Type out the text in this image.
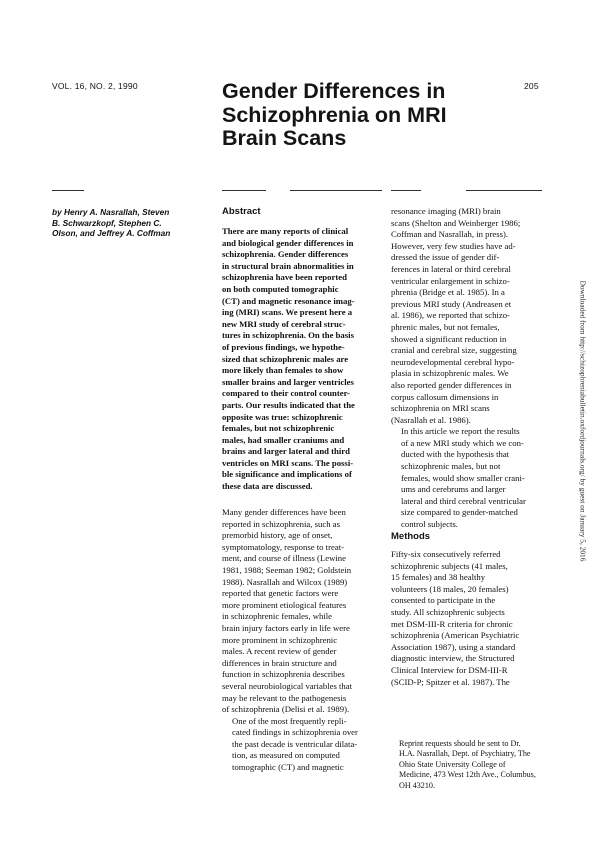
VOL. 16, NO. 2, 1990	205
Gender Differences in
Schizophrenia on MRI
Brain Scans
by Henry A. Nasrallah, Steven
B. Schwarzkopf, Stephen C.
Olson, and Jeffrey A. Coffman
Abstract

There are many reports of clinical
and biological gender differences in
schizophrenia. Gender differences
in structural brain abnormalities in
schizophrenia have been reported
on both computed tomographic
(CT) and magnetic resonance imag-
ing (MRI) scans. We present here a
new MRI study of cerebral struc-
tures in schizophrenia. On the basis
of previous findings, we hypothe-
sized that schizophrenic males are
more likely than females to show
smaller brains and larger ventricles
compared to their control counter-
parts. Our results indicated that the
opposite was true: schizophrenic
females, but not schizophrenic
males, had smaller craniums and
brains and larger lateral and third
ventricles on MRI scans. The possi-
ble significance and implications of
these data are discussed.

Many gender differences have been
reported in schizophrenia, such as
premorbid history, age of onset,
symptomatology, response to treat-
ment, and course of illness (Lewine
1981, 1988; Seeman 1982; Goldstein
1988). Nasrallah and Wilcox (1989)
reported that genetic factors were
more prominent etiological features
in schizophrenic females, while
brain injury factors early in life were
more prominent in schizophrenic
males. A recent review of gender
differences in brain structure and
function in schizophrenia describes
several neurobiological variables that
may be relevant to the pathogenesis
of schizophrenia (Delisi et al. 1989).

One of the most frequently repli-
cated findings in schizophrenia over
the past decade is ventricular dilata-
tion, as measured on computed
tomographic (CT) and magnetic

resonance imaging (MRI) brain
scans (Shelton and Weinberger 1986;
Coffman and Nasrallah, in press).
However, very few studies have ad-
dressed the issue of gender dif-
ferences in lateral or third cerebral
ventricular enlargement in schizo-
phrenia (Bridge et al. 1985). In a
previous MRI study (Andreasen et
al. 1986), we reported that schizo-
phrenic males, but not females,
showed a significant reduction in
cranial and cerebral size, suggesting
neurodevelopmental cerebral hypo-
plasia in schizophrenic males. We
also reported gender differences in
corpus callosum dimensions in
schizophrenia on MRI scans
(Nasrallah et al. 1986).

In this article we report the results
of a new MRI study which we con-
ducted with the hypothesis that
schizophrenic males, but not
females, would show smaller crani-
ums and cerebrums and larger
lateral and third cerebral ventricular
size compared to gender-matched
control subjects.

Methods

Fifty-six consecutively referred
schizophrenic subjects (41 males,
15 females) and 38 healthy
volunteers (18 males, 20 females)
consented to participate in the
study. All schizophrenic subjects
met DSM-III-R criteria for chronic
schizophrenia (American Psychiatric
Association 1987), using a standard
diagnostic interview, the Structured
Clinical Interview for DSM-III-R
(SCID-P; Spitzer et al. 1987). The

Reprint requests should be sent to Dr.
H.A. Nasrallah, Dept. of Psychiatry, The
Ohio State University College of
Medicine, 473 West 12th Ave., Columbus,
OH 43210.

Downloaded from http://schizophreniabulletin.oxfordjournals.org/ by guest on January 5, 2016
